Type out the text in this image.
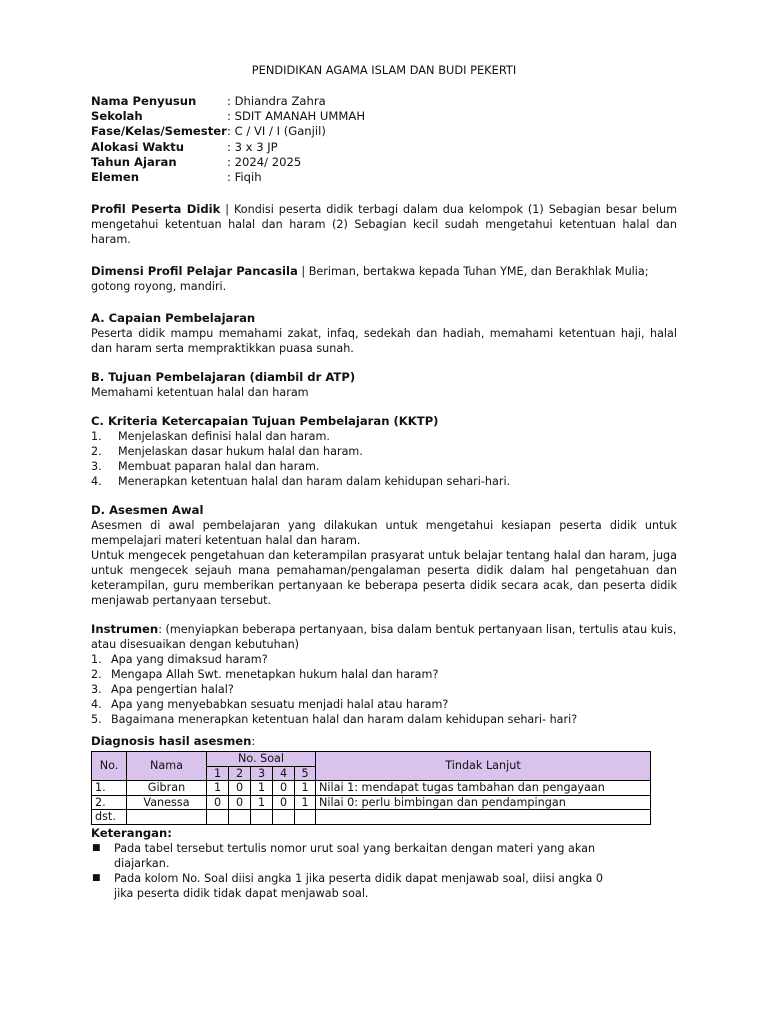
PENDIDIKAN AGAMA ISLAM DAN BUDI PEKERTI
Nama Penyusun	: Dhiandra Zahra
Sekolah	: SDIT AMANAH UMMAH
Fase/Kelas/Semester : C / VI / I (Ganjil)
Alokasi Waktu	: 3 x 3 JP
Tahun Ajaran	: 2024/ 2025
Elemen	: Fiqih

Profil Peserta Didik | Kondisi peserta didik terbagi dalam dua kelompok (1) Sebagian besar belum mengetahui ketentuan halal dan haram (2) Sebagian kecil sudah mengetahui ketentuan halal dan haram.

Dimensi Profil Pelajar Pancasila | Beriman, bertakwa kepada Tuhan YME, dan Berakhlak Mulia; gotong royong, mandiri.

A. Capaian Pembelajaran

Peserta didik mampu memahami zakat, infaq, sedekah dan hadiah, memahami ketentuan haji, halal dan haram serta mempraktikkan puasa sunah.

B. Tujuan Pembelajaran (diambil dr ATP)

Memahami ketentuan halal dan haram

C. Kriteria Ketercapaian Tujuan Pembelajaran (KKTP)

1.	Menjelaskan definisi halal dan haram.
2.	Menjelaskan dasar hukum halal dan haram.
3.	Membuat paparan halal dan haram.
4.	Menerapkan ketentuan halal dan haram dalam kehidupan sehari-hari.

D. Asesmen Awal

Asesmen di awal pembelajaran yang dilakukan untuk mengetahui kesiapan peserta didik untuk mempelajari materi ketentuan halal dan haram.

Untuk mengecek pengetahuan dan keterampilan prasyarat untuk belajar tentang halal dan haram, juga untuk mengecek sejauh mana pemahaman/pengalaman peserta didik dalam hal pengetahuan dan keterampilan, guru memberikan pertanyaan ke beberapa peserta didik secara acak, dan peserta didik menjawab pertanyaan tersebut.

Instrumen: (menyiapkan beberapa pertanyaan, bisa dalam bentuk pertanyaan lisan, tertulis atau kuis, atau disesuaikan dengan kebutuhan)

1. Apa yang dimaksud haram?
2. Mengapa Allah Swt. menetapkan hukum halal dan haram?
3. Apa pengertian halal?
4. Apa yang menyebabkan sesuatu menjadi halal atau haram?
5. Bagaimana menerapkan ketentuan halal dan haram dalam kehidupan sehari- hari?

Diagnosis hasil asesmen:

No.	Nama	No. Soal					Tindak Lanjut
		1	2	3	4	5	
1.	Gibran	1	0	1	0	1	Nilai 1: mendapat tugas tambahan dan pengayaan
2.	Vanessa	0	0	1	0	1	Nilai 0: perlu bimbingan dan pendampingan
dst.							

Keterangan:

■	Pada tabel tersebut tertulis nomor urut soal yang berkaitan dengan materi yang akan diajarkan.
■	Pada kolom No. Soal diisi angka 1 jika peserta didik dapat menjawab soal, diisi angka 0 jika peserta didik tidak dapat menjawab soal.
